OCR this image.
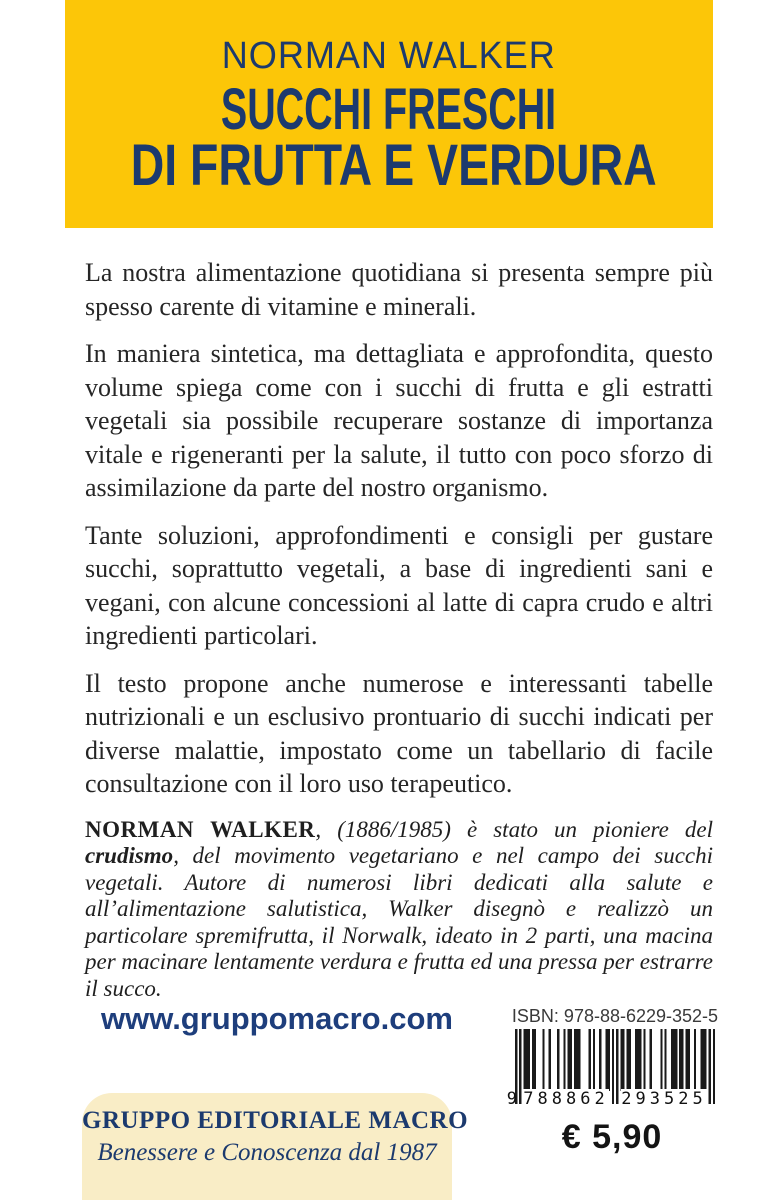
NORMAN WALKER
SUCCHI FRESCHI
DI FRUTTA E VERDURA

La nostra alimentazione quotidiana si presenta sempre più spesso carente di vitamine e minerali.

In maniera sintetica, ma dettagliata e approfondita, questo volume spiega come con i succhi di frutta e gli estratti vegetali sia possibile recuperare sostanze di importanza vitale e rigeneranti per la salute, il tutto con poco sforzo di assimilazione da parte del nostro organismo.

Tante soluzioni, approfondimenti e consigli per gustare succhi, soprattutto vegetali, a base di ingredienti sani e vegani, con alcune concessioni al latte di capra crudo e altri ingredienti particolari.

Il testo propone anche numerose e interessanti tabelle nutrizionali e un esclusivo prontuario di succhi indicati per diverse malattie, impostato come un tabellario di facile consultazione con il loro uso terapeutico.

NORMAN WALKER, (1886/1985) è stato un pioniere del crudismo, del movimento vegetariano e nel campo dei succhi vegetali. Autore di numerosi libri dedicati alla salute e all’alimentazione salutistica, Walker disegnò e realizzò un particolare spremifrutta, il Norwalk, ideato in 2 parti, una macina per macinare lentamente verdura e frutta ed una pressa per estrarre il succo.

www.gruppomacro.com	ISBN: 978-88-6229-352-5
9 788862 293525
€ 5,90
GRUPPO EDITORIALE MACRO
Benessere e Conoscenza dal 1987
